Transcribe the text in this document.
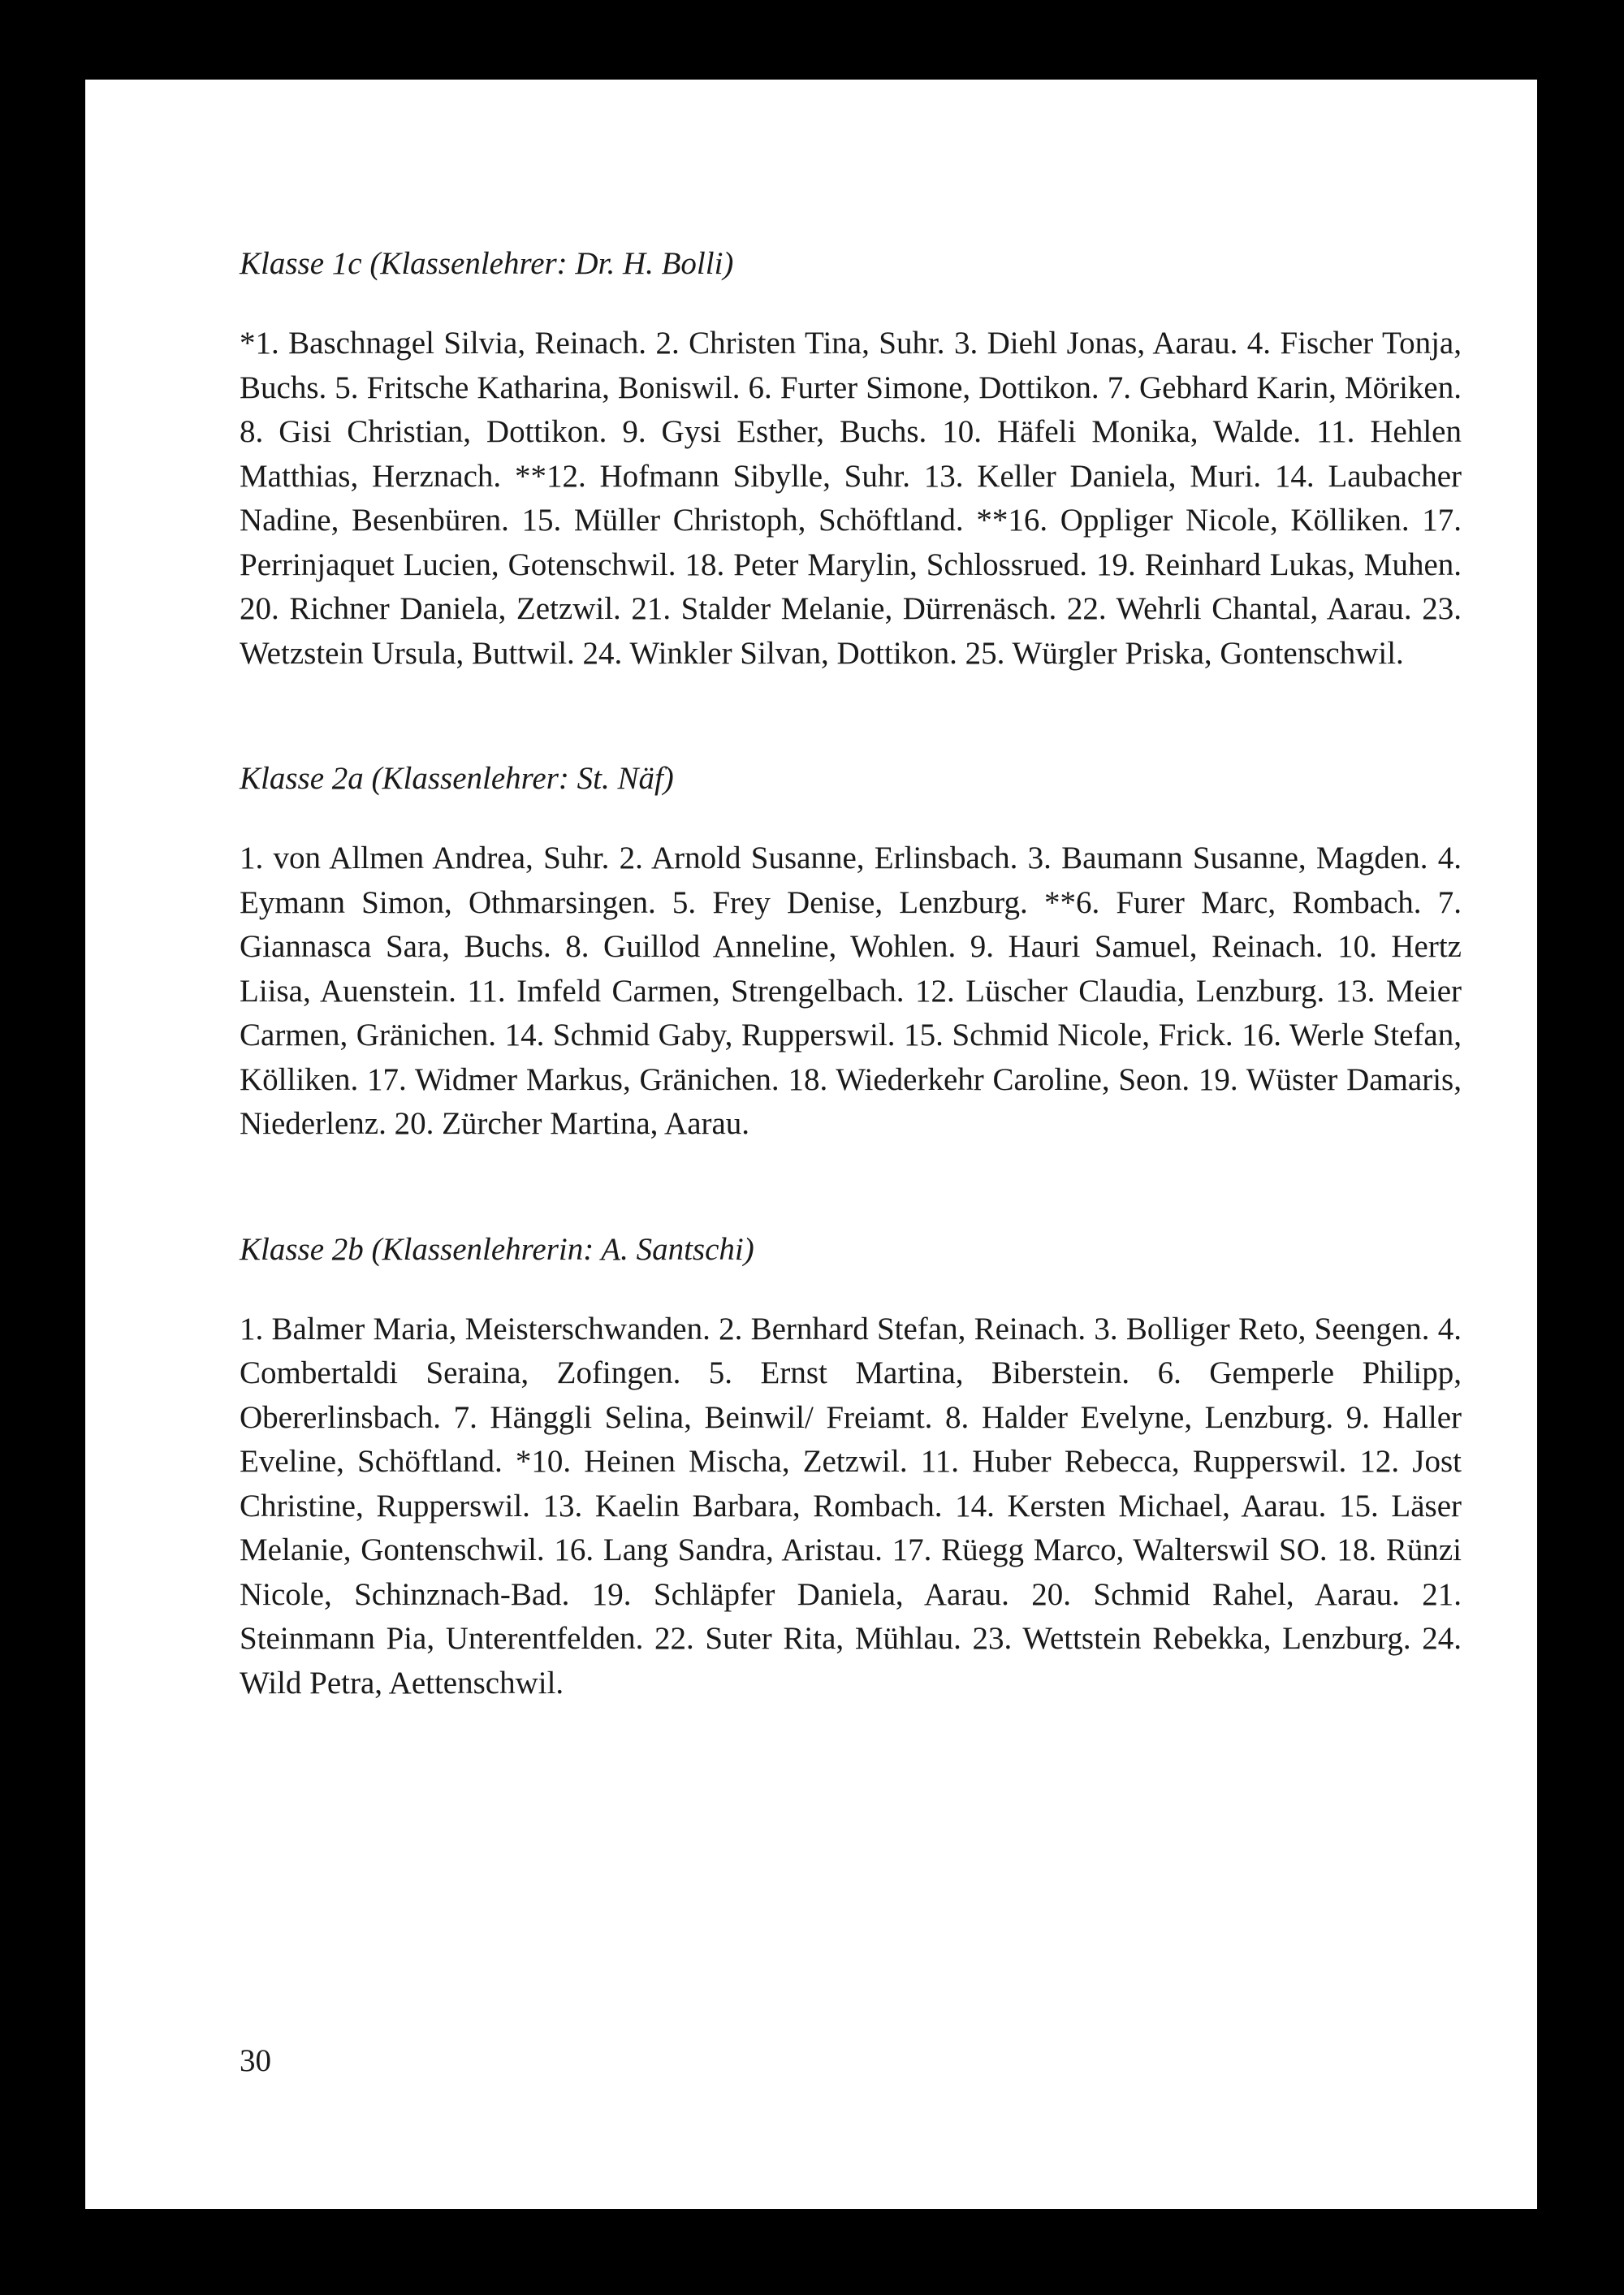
Klasse 1c (Klassenlehrer: Dr. H. Bolli)

*1. Baschnagel Silvia, Reinach. 2. Christen Tina, Suhr. 3. Diehl Jonas, Aarau. 4. Fischer Tonja, Buchs. 5. Fritsche Katharina, Boniswil. 6. Furter Simone, Dottikon. 7. Gebhard Karin, Möriken. 8. Gisi Christian, Dottikon. 9. Gysi Esther, Buchs. 10. Häfeli Monika, Walde. 11. Hehlen Matthias, Herznach. **12. Hofmann Sibylle, Suhr. 13. Keller Daniela, Muri. 14. Laubacher Nadine, Besenbüren. 15. Müller Christoph, Schöftland. **16. Oppliger Nicole, Kölliken. 17. Perrinjaquet Lucien, Gotenschwil. 18. Peter Marylin, Schlossrued. 19. Reinhard Lukas, Muhen. 20. Richner Daniela, Zetzwil. 21. Stalder Melanie, Dürrenäsch. 22. Wehrli Chantal, Aarau. 23. Wetzstein Ursula, Buttwil. 24. Winkler Silvan, Dottikon. 25. Würgler Priska, Gontenschwil.

Klasse 2a (Klassenlehrer: St. Näf)

1. von Allmen Andrea, Suhr. 2. Arnold Susanne, Erlinsbach. 3. Baumann Susanne, Magden. 4. Eymann Simon, Othmarsingen. 5. Frey Denise, Lenzburg. **6. Furer Marc, Rombach. 7. Giannasca Sara, Buchs. 8. Guillod Anneline, Wohlen. 9. Hauri Samuel, Reinach. 10. Hertz Liisa, Auenstein. 11. Imfeld Carmen, Strengelbach. 12. Lüscher Claudia, Lenzburg. 13. Meier Carmen, Gränichen. 14. Schmid Gaby, Rupperswil. 15. Schmid Nicole, Frick. 16. Werle Stefan, Kölliken. 17. Widmer Markus, Gränichen. 18. Wiederkehr Caroline, Seon. 19. Wüster Damaris, Niederlenz. 20. Zürcher Martina, Aarau.

Klasse 2b (Klassenlehrerin: A. Santschi)

1. Balmer Maria, Meisterschwanden. 2. Bernhard Stefan, Reinach. 3. Bolliger Reto, Seengen. 4. Combertaldi Seraina, Zofingen. 5. Ernst Martina, Biberstein. 6. Gemperle Philipp, Obererlinsbach. 7. Hänggli Selina, Beinwil/ Freiamt. 8. Halder Evelyne, Lenzburg. 9. Haller Eveline, Schöftland. *10. Heinen Mischa, Zetzwil. 11. Huber Rebecca, Rupperswil. 12. Jost Christine, Rupperswil. 13. Kaelin Barbara, Rombach. 14. Kersten Michael, Aarau. 15. Läser Melanie, Gontenschwil. 16. Lang Sandra, Aristau. 17. Rüegg Marco, Walterswil SO. 18. Rünzi Nicole, Schinznach-Bad. 19. Schläpfer Daniela, Aarau. 20. Schmid Rahel, Aarau. 21. Steinmann Pia, Unterentfelden. 22. Suter Rita, Mühlau. 23. Wettstein Rebekka, Lenzburg. 24. Wild Petra, Aettenschwil.

30
